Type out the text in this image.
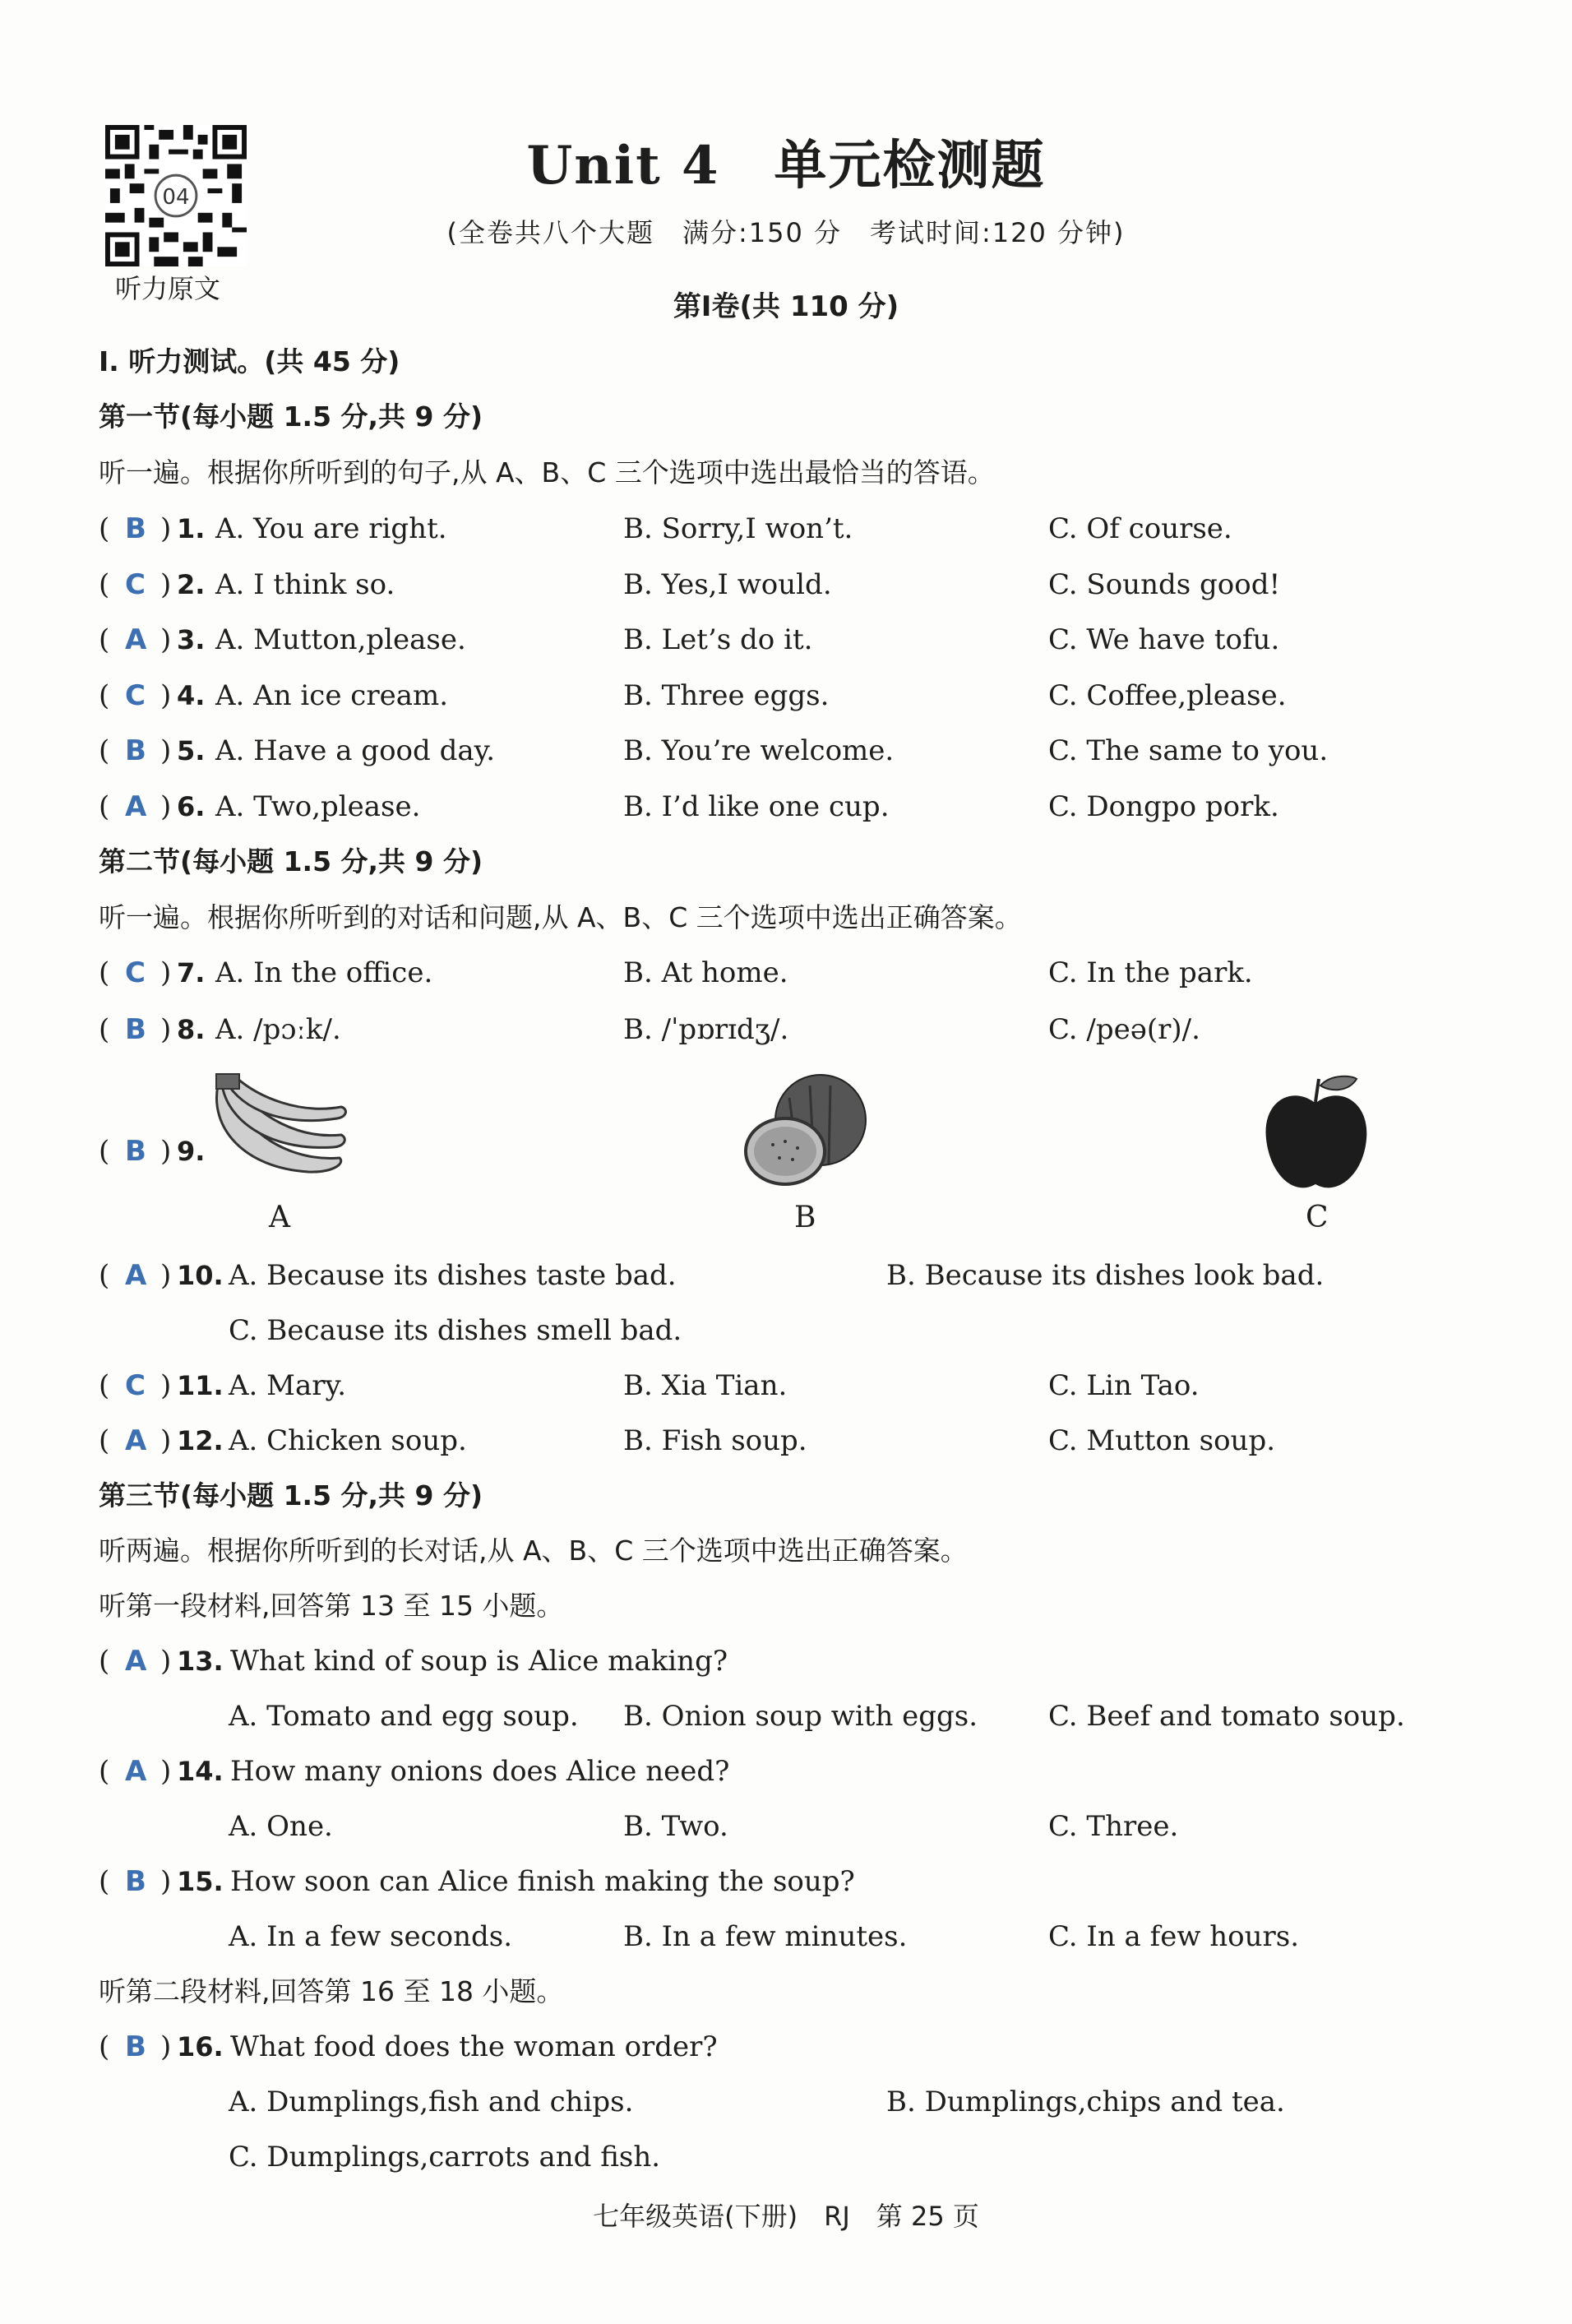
04
听力原文
Unit 4　单元检测题
(全卷共八个大题　满分:150 分　考试时间:120 分钟)
第Ⅰ卷(共 110 分)
Ⅰ. 听力测试。(共 45 分)
第一节(每小题 1.5 分,共 9 分)
听一遍。根据你所听到的句子,从 A、B、C 三个选项中选出最恰当的答语。
( B ) 1. A. You are right.	B. Sorry,I won’t.	C. Of course.
( C ) 2. A. I think so.	B. Yes,I would.	C. Sounds good!
( A ) 3. A. Mutton,please.	B. Let’s do it.	C. We have tofu.
( C ) 4. A. An ice cream.	B. Three eggs.	C. Coffee,please.
( B ) 5. A. Have a good day.	B. You’re welcome.	C. The same to you.
( A ) 6. A. Two,please.	B. I’d like one cup.	C. Dongpo pork.
第二节(每小题 1.5 分,共 9 分)
听一遍。根据你所听到的对话和问题,从 A、B、C 三个选项中选出正确答案。
( C ) 7. A. In the office.	B. At home.	C. In the park.
( B ) 8. A. /pɔːk/.	B. /ˈpɒrɪdʒ/.	C. /peə(r)/.
( B ) 9.
A	B	C
( A ) 10. A. Because its dishes taste bad.	B. Because its dishes look bad.
C. Because its dishes smell bad.
( C ) 11. A. Mary.	B. Xia Tian.	C. Lin Tao.
( A ) 12. A. Chicken soup.	B. Fish soup.	C. Mutton soup.
第三节(每小题 1.5 分,共 9 分)
听两遍。根据你所听到的长对话,从 A、B、C 三个选项中选出正确答案。
听第一段材料,回答第 13 至 15 小题。
( A ) 13. What kind of soup is Alice making?
A. Tomato and egg soup. B. Onion soup with eggs.	C. Beef and tomato soup.
( A ) 14. How many onions does Alice need?
A. One.	B. Two.	C. Three.
( B ) 15. How soon can Alice finish making the soup?
A. In a few seconds.	B. In a few minutes.	C. In a few hours.
听第二段材料,回答第 16 至 18 小题。
( B ) 16. What food does the woman order?
A. Dumplings,fish and chips.	B. Dumplings,chips and tea.
C. Dumplings,carrots and fish.
七年级英语(下册)　RJ　第 25 页
